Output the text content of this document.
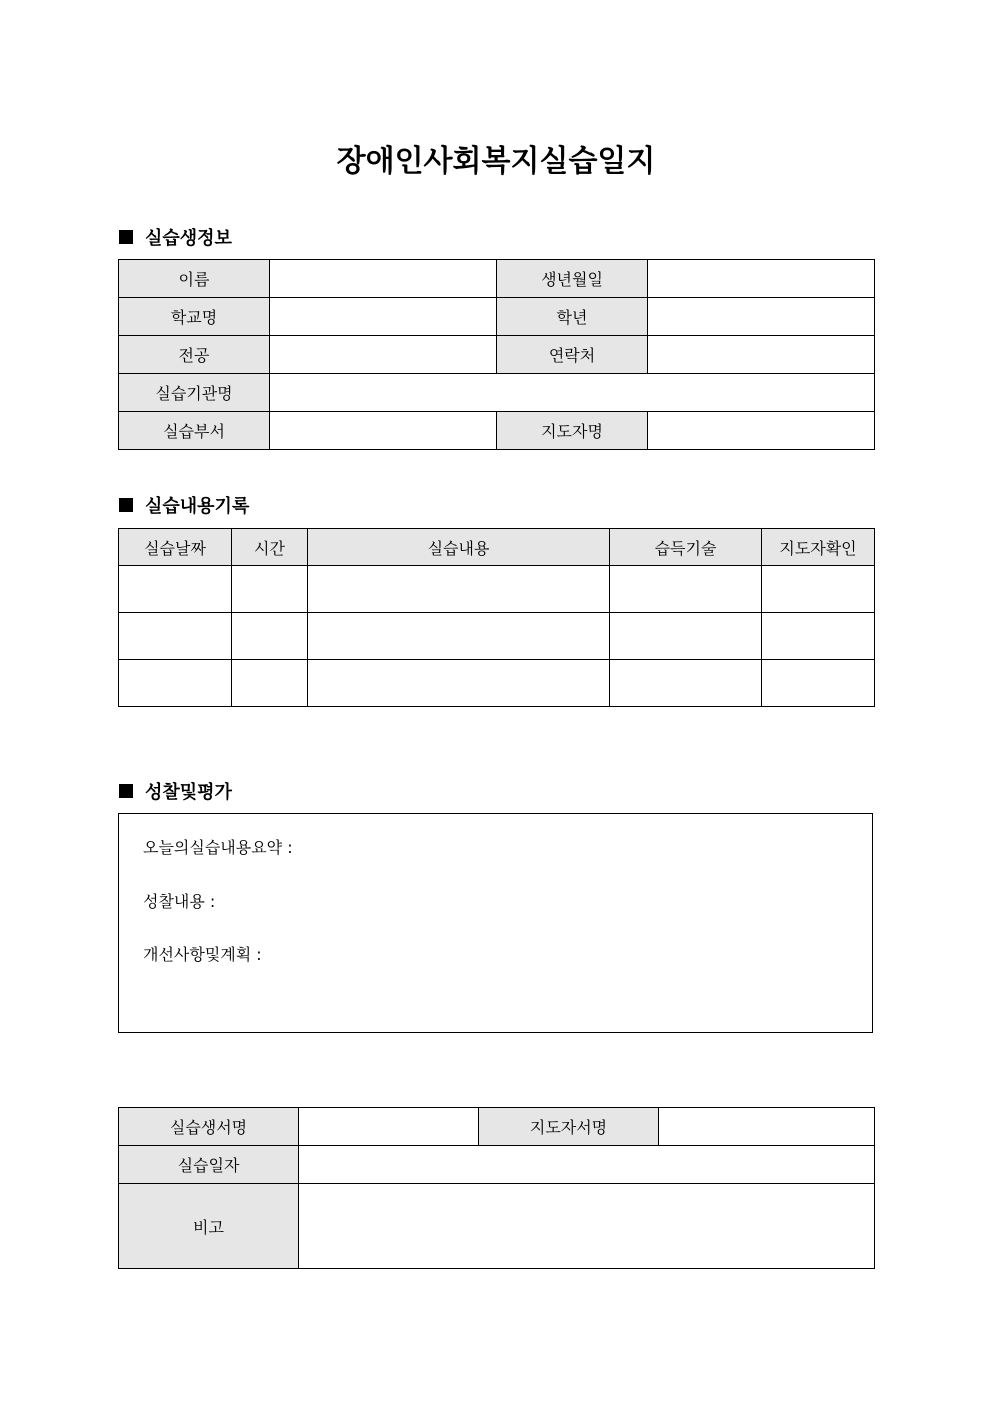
장애인사회복지실습일지
실습생정보
이름		생년월일	
학교명		학년	
전공		연락처	
실습기관명			
실습부서		지도자명	
실습내용기록
실습날짜	시간	실습내용	습득기술	지도자확인

성찰및평가
오늘의실습내용요약 :
성찰내용 :
개선사항및계획 :
실습생서명		지도자서명	
실습일자			
비고			
